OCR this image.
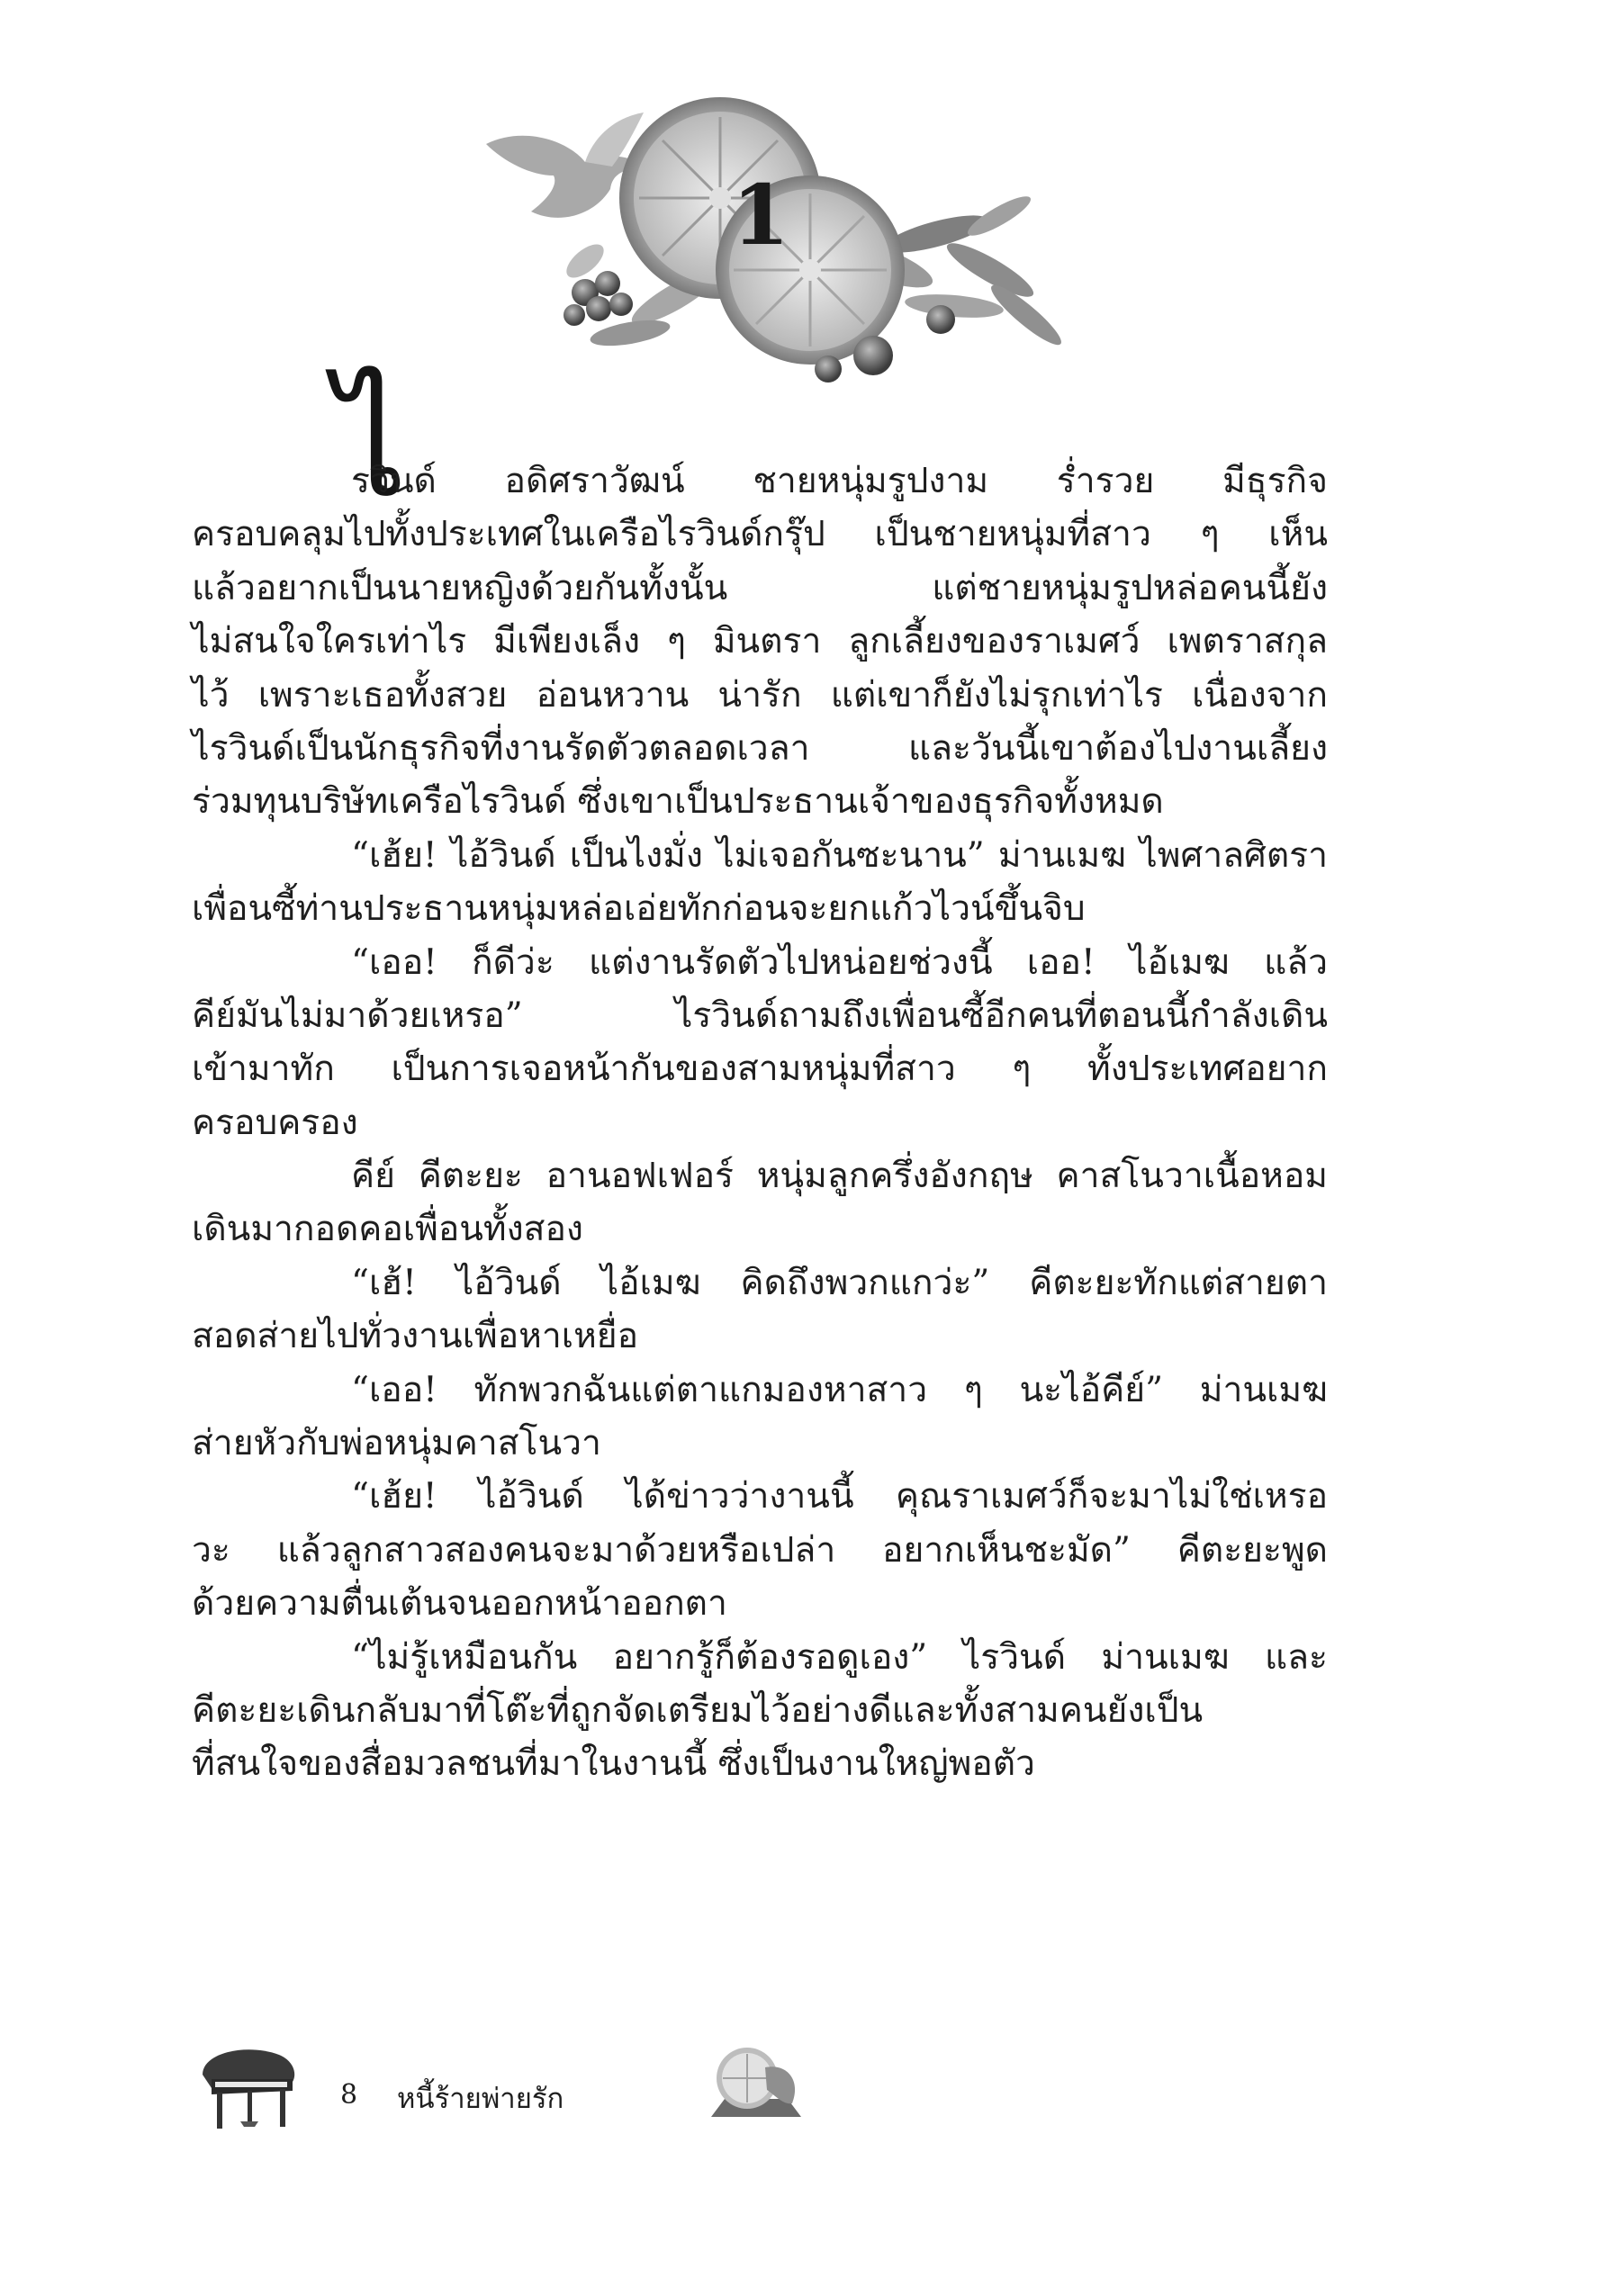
1
ไ
รวินด์ อดิศราวัฒน์ ชายหนุ่มรูปงาม ร่ำรวย มีธุรกิจ
ครอบคลุมไปทั้งประเทศในเครือไรวินด์กรุ๊ป เป็นชายหนุ่มที่สาว ๆ เห็น
แล้วอยากเป็นนายหญิงด้วยกันทั้งนั้น แต่ชายหนุ่มรูปหล่อคนนี้ยัง
ไม่สนใจใครเท่าไร มีเพียงเล็ง ๆ มินตรา ลูกเลี้ยงของราเมศว์ เพตราสกุล
ไว้ เพราะเธอทั้งสวย อ่อนหวาน น่ารัก แต่เขาก็ยังไม่รุกเท่าไร เนื่องจาก
ไรวินด์เป็นนักธุรกิจที่งานรัดตัวตลอดเวลา และวันนี้เขาต้องไปงานเลี้ยง
ร่วมทุนบริษัทเครือไรวินด์ ซึ่งเขาเป็นประธานเจ้าของธุรกิจทั้งหมด
“เฮ้ย! ไอ้วินด์ เป็นไงมั่ง ไม่เจอกันซะนาน” ม่านเมฆ ไพศาลศิตรา
เพื่อนซี้ท่านประธานหนุ่มหล่อเอ่ยทักก่อนจะยกแก้วไวน์ขึ้นจิบ
“เออ! ก็ดีว่ะ แต่งานรัดตัวไปหน่อยช่วงนี้ เออ! ไอ้เมฆ แล้ว
คีย์มันไม่มาด้วยเหรอ” ไรวินด์ถามถึงเพื่อนซี้อีกคนที่ตอนนี้กำลังเดิน
เข้ามาทัก เป็นการเจอหน้ากันของสามหนุ่มที่สาว ๆ ทั้งประเทศอยาก
ครอบครอง
คีย์ คีตะยะ อานอฟเฟอร์ หนุ่มลูกครึ่งอังกฤษ คาสโนวาเนื้อหอม
เดินมากอดคอเพื่อนทั้งสอง
“เฮ้! ไอ้วินด์ ไอ้เมฆ คิดถึงพวกแกว่ะ” คีตะยะทักแต่สายตา
สอดส่ายไปทั่วงานเพื่อหาเหยื่อ
“เออ! ทักพวกฉันแต่ตาแกมองหาสาว ๆ นะไอ้คีย์” ม่านเมฆ
ส่ายหัวกับพ่อหนุ่มคาสโนวา
“เฮ้ย! ไอ้วินด์ ได้ข่าวว่างานนี้ คุณราเมศว์ก็จะมาไม่ใช่เหรอ
วะ แล้วลูกสาวสองคนจะมาด้วยหรือเปล่า อยากเห็นชะมัด” คีตะยะพูด
ด้วยความตื่นเต้นจนออกหน้าออกตา
“ไม่รู้เหมือนกัน อยากรู้ก็ต้องรอดูเอง” ไรวินด์ ม่านเมฆ และ
คีตะยะเดินกลับมาที่โต๊ะที่ถูกจัดเตรียมไว้อย่างดีและทั้งสามคนยังเป็น
ที่สนใจของสื่อมวลชนที่มาในงานนี้ ซึ่งเป็นงานใหญ่พอตัว
8 หนี้ร้ายพ่ายรัก
